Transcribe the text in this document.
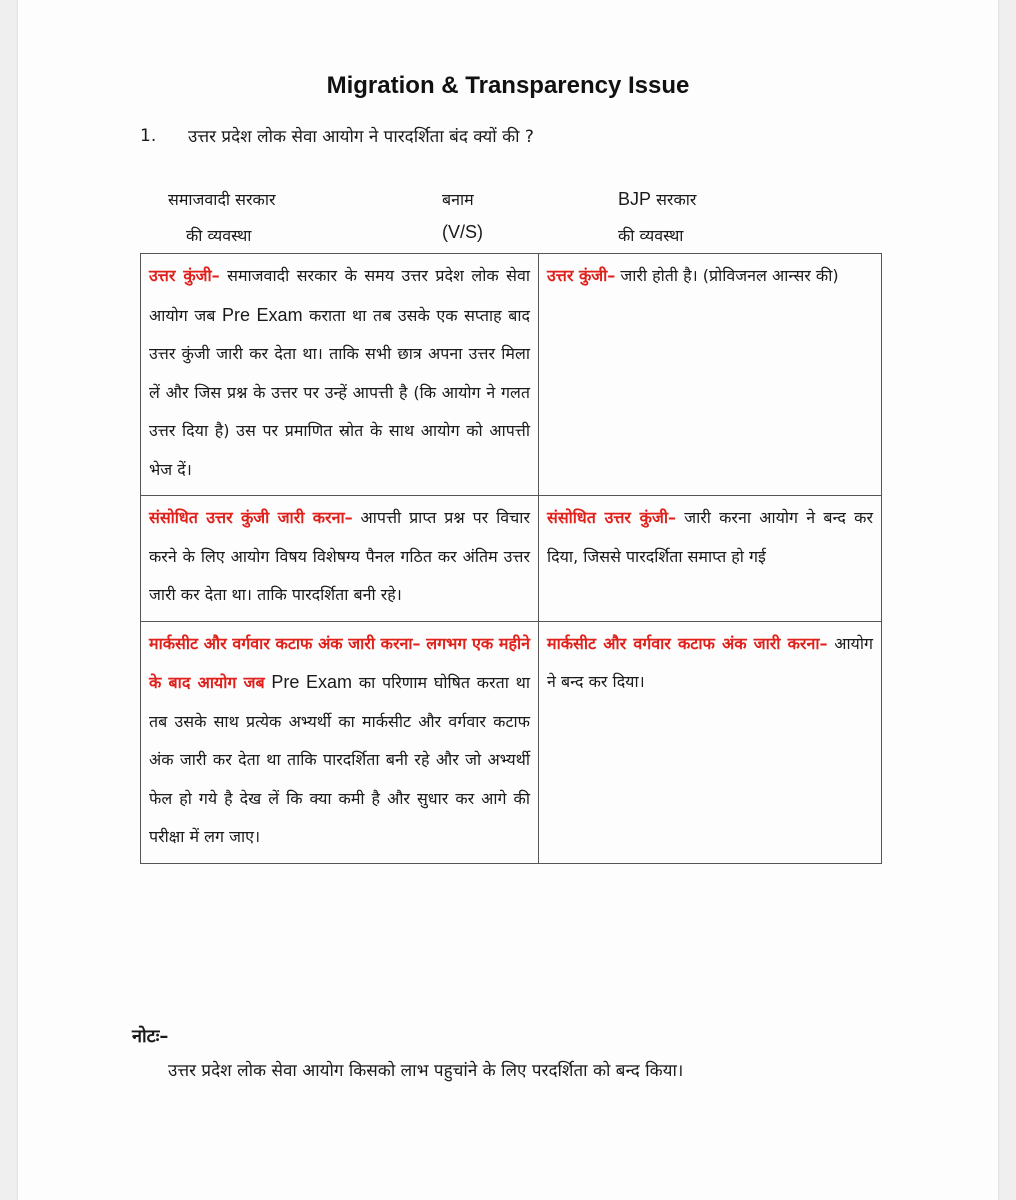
Migration & Transparency Issue
1. उत्तर प्रदेश लोक सेवा आयोग ने पारदर्शिता बंद क्यों की ?
समाजवादी सरकार
की व्यवस्था
बनाम
(V/S)
BJP सरकार
की व्यवस्था
उत्तर कुंजी– समाजवादी सरकार के समय उत्तर प्रदेश लोक सेवा आयोग जब Pre Exam कराता था तब उसके एक सप्ताह बाद उत्तर कुंजी जारी कर देता था। ताकि सभी छात्र अपना उत्तर मिला लें और जिस प्रश्न के उत्तर पर उन्हें आपत्ती है (कि आयोग ने गलत उत्तर दिया है) उस पर प्रमाणित स्रोत के साथ आयोग को आपत्ती भेज दें।	उत्तर कुंजी– जारी होती है। (प्रोविजनल आन्सर की)
संसोधित उत्तर कुंजी जारी करना– आपत्ती प्राप्त प्रश्न पर विचार करने के लिए आयोग विषय विशेषग्य पैनल गठित कर अंतिम उत्तर जारी कर देता था। ताकि पारदर्शिता बनी रहे।	संसोधित उत्तर कुंजी– जारी करना आयोग ने बन्द कर दिया, जिससे पारदर्शिता समाप्त हो गई
मार्कसीट और वर्गवार कटाफ अंक जारी करना– लगभग एक महीने के बाद आयोग जब Pre Exam का परिणाम घोषित करता था तब उसके साथ प्रत्येक अभ्यर्थी का मार्कसीट और वर्गवार कटाफ अंक जारी कर देता था ताकि पारदर्शिता बनी रहे और जो अभ्यर्थी फेल हो गये है देख लें कि क्या कमी है और सुधार कर आगे की परीक्षा में लग जाए।	मार्कसीट और वर्गवार कटाफ अंक जारी करना– आयोग ने बन्द कर दिया।
नोटः–
उत्तर प्रदेश लोक सेवा आयोग किसको लाभ पहुचांने के लिए परदर्शिता को बन्द किया।
